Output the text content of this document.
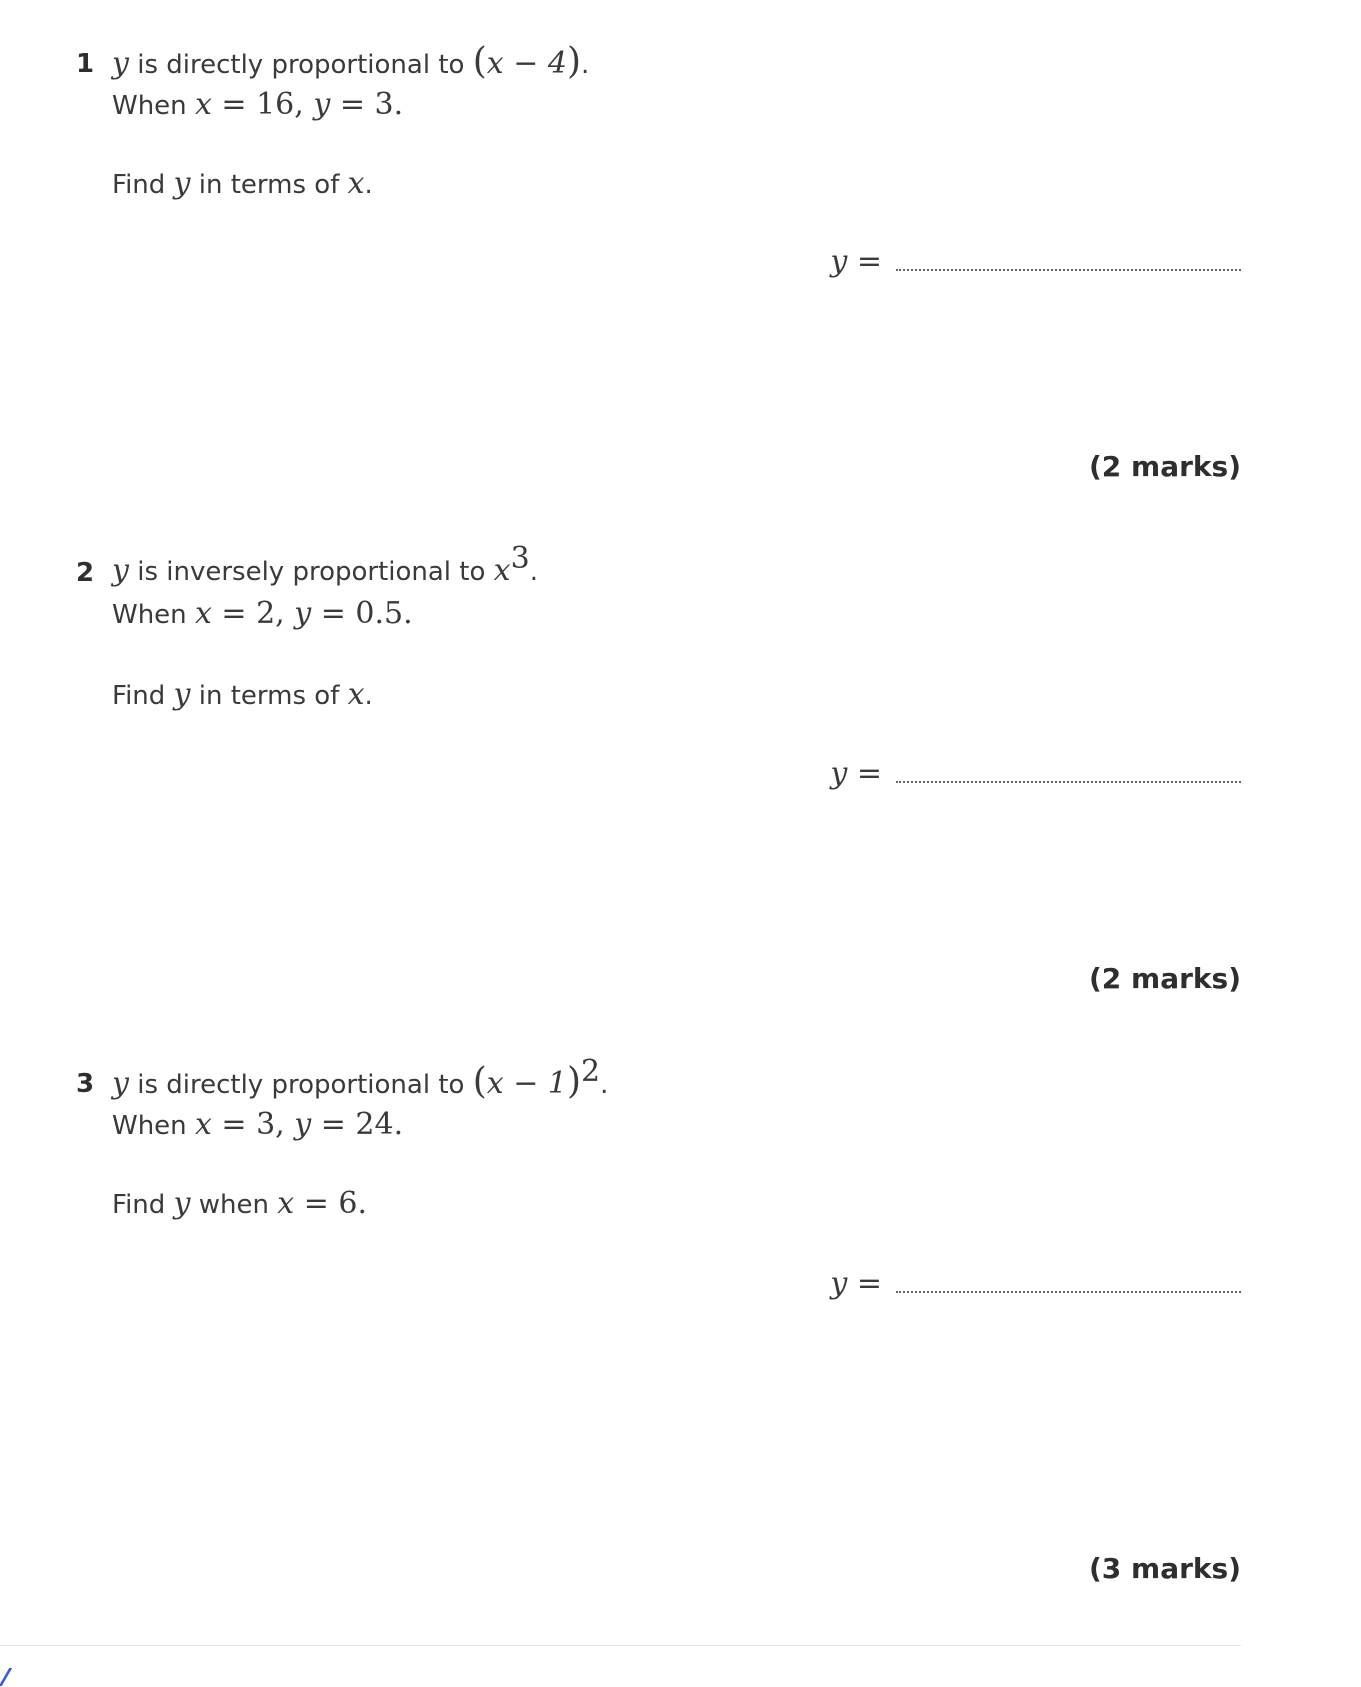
1 y is directly proportional to (x − 4).
When x = 16, y = 3.
Find y in terms of x.
y =
(2 marks)
2 y is inversely proportional to $x^3$.
When x = 2, y = 0.5.
Find y in terms of x.
y =
(2 marks)
3 y is directly proportional to $(x - 1)^2$.
When x = 3, y = 24.
Find y when x = 6.
y =
(3 marks)
